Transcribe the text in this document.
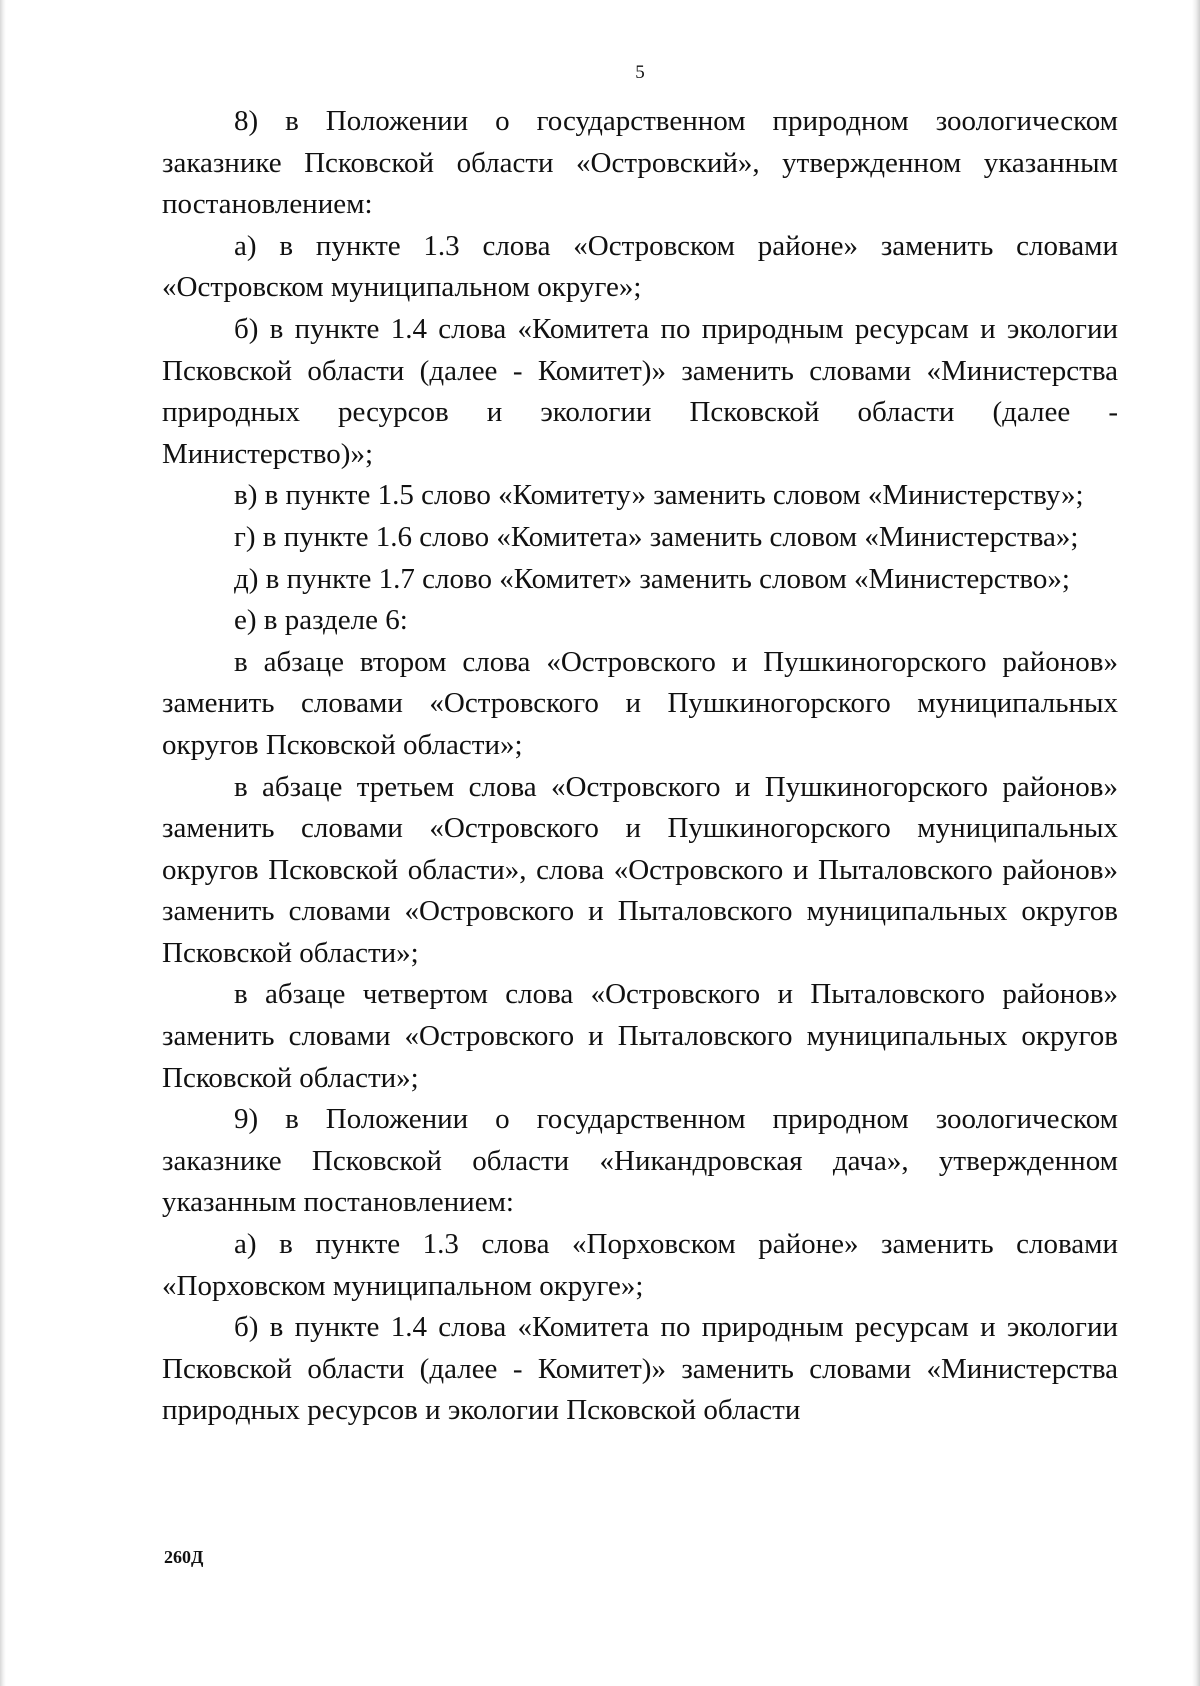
5

8) в Положении о государственном природном зоологическом заказнике Псковской области «Островский», утвержденном указанным постановлением:

а) в пункте 1.3 слова «Островском районе» заменить словами «Островском муниципальном округе»;

б) в пункте 1.4 слова «Комитета по природным ресурсам и экологии Псковской области (далее - Комитет)» заменить словами «Министерства природных ресурсов и экологии Псковской области (далее - Министерство)»;

в) в пункте 1.5 слово «Комитету» заменить словом «Министерству»;

г) в пункте 1.6 слово «Комитета» заменить словом «Министерства»;

д) в пункте 1.7 слово «Комитет» заменить словом «Министерство»;

е) в разделе 6:

в абзаце втором слова «Островского и Пушкиногорского районов» заменить словами «Островского и Пушкиногорского муниципальных округов Псковской области»;

в абзаце третьем слова «Островского и Пушкиногорского районов» заменить словами «Островского и Пушкиногорского муниципальных округов Псковской области», слова «Островского и Пыталовского районов» заменить словами «Островского и Пыталовского муниципальных округов Псковской области»;

в абзаце четвертом слова «Островского и Пыталовского районов» заменить словами «Островского и Пыталовского муниципальных округов Псковской области»;

9) в Положении о государственном природном зоологическом заказнике Псковской области «Никандровская дача», утвержденном указанным постановлением:

а) в пункте 1.3 слова «Порховском районе» заменить словами «Порховском муниципальном округе»;

б) в пункте 1.4 слова «Комитета по природным ресурсам и экологии Псковской области (далее - Комитет)» заменить словами «Министерства природных ресурсов и экологии Псковской области

260Д
